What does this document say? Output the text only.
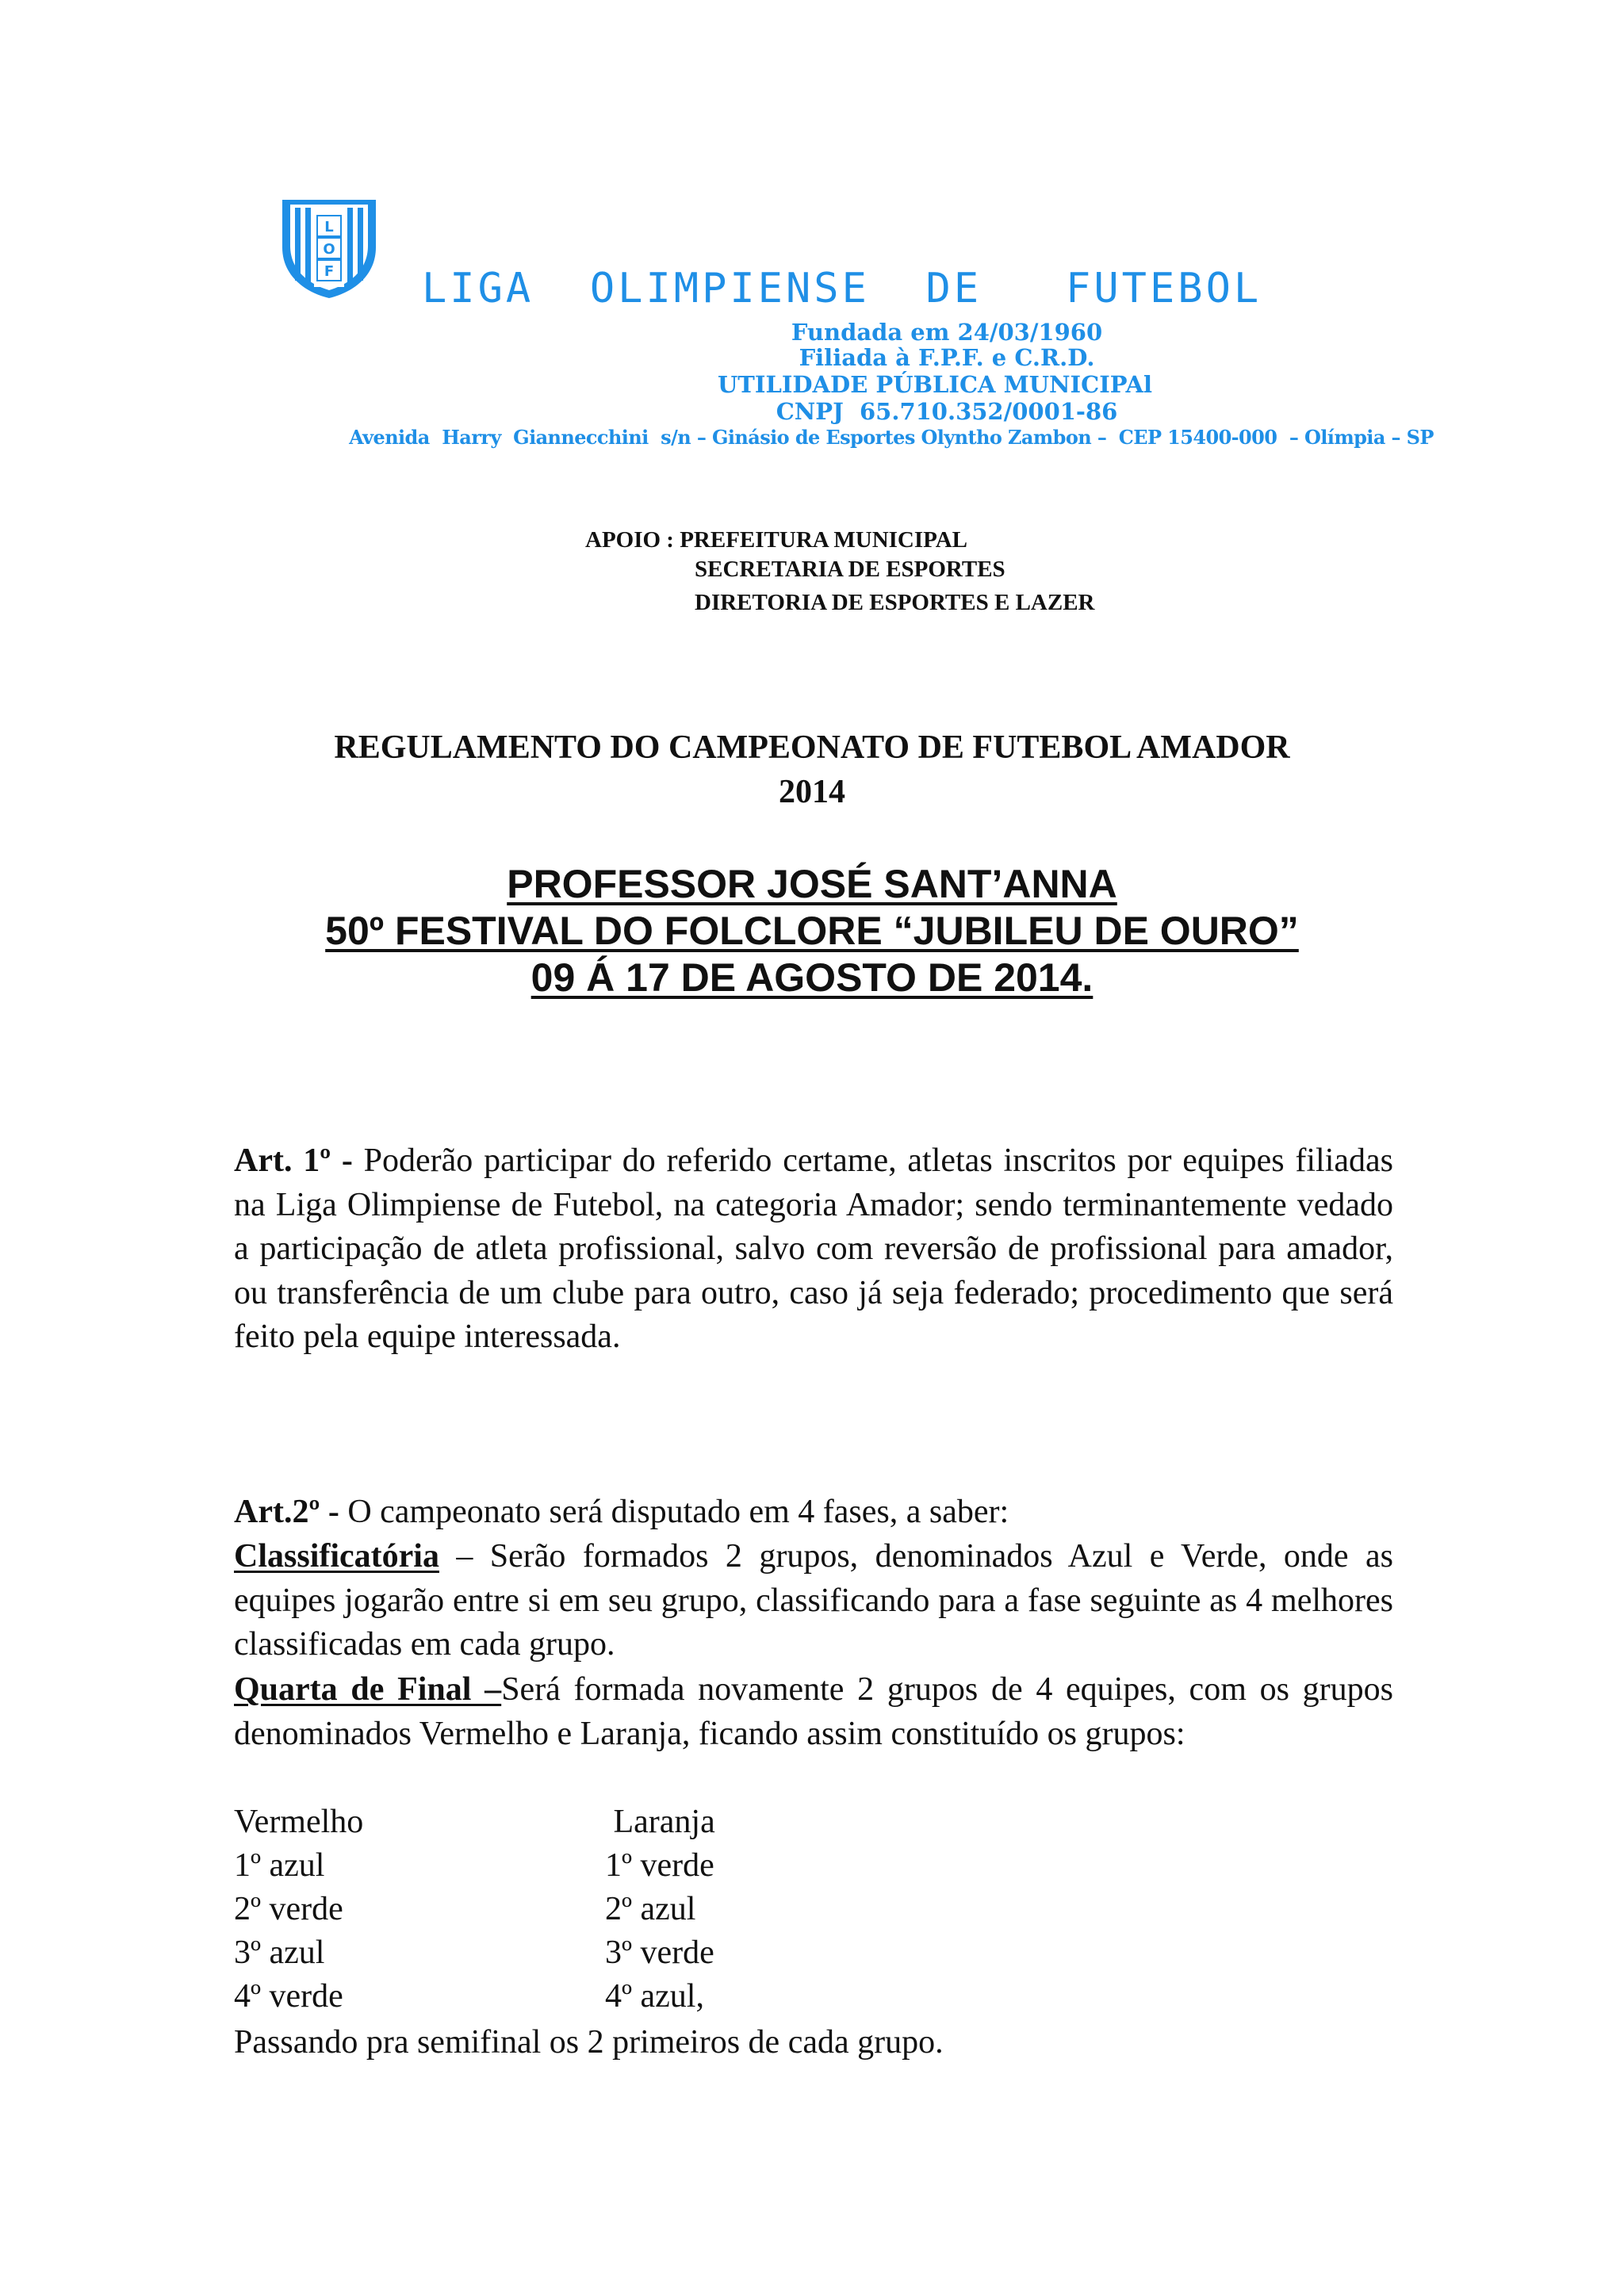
L
O
F LIGA  OLIMPIENSE  DE   FUTEBOL
Fundada em 24/03/1960
Filiada à F.P.F. e C.R.D.
UTILIDADE PÚBLICA MUNICIPAl
CNPJ  65.710.352/0001-86
Avenida  Harry  Giannecchini  s/n – Ginásio de Esportes Olyntho Zambon –  CEP 15400-000  – Olímpia – SP
APOIO : PREFEITURA MUNICIPAL
SECRETARIA DE ESPORTES
DIRETORIA DE ESPORTES E LAZER
REGULAMENTO DO CAMPEONATO DE FUTEBOL AMADOR
2014
PROFESSOR JOSÉ SANT’ANNA
50º FESTIVAL DO FOLCLORE “JUBILEU DE OURO”
09 Á 17 DE AGOSTO DE 2014.

Art. 1º - Poderão participar do referido certame, atletas inscritos por equipes filiadas na Liga Olimpiense de Futebol, na categoria Amador; sendo terminantemente vedado a participação de atleta profissional, salvo com reversão de profissional para amador, ou transferência de um clube para outro, caso já seja federado; procedimento que será feito pela equipe interessada.

Art.2º - O campeonato será disputado em 4 fases, a saber:

Classificatória – Serão formados 2 grupos, denominados Azul e Verde, onde as equipes jogarão entre si em seu grupo, classificando para a fase seguinte as 4 melhores classificadas em cada grupo.

Quarta de Final –Será formada novamente 2 grupos de 4 equipes, com os grupos denominados Vermelho e Laranja, ficando assim constituído os grupos:

Vermelho	Laranja
1º azul	1º verde
2º verde	2º azul
3º azul	3º verde
4º verde	4º azul,

Passando pra semifinal os 2 primeiros de cada grupo.
